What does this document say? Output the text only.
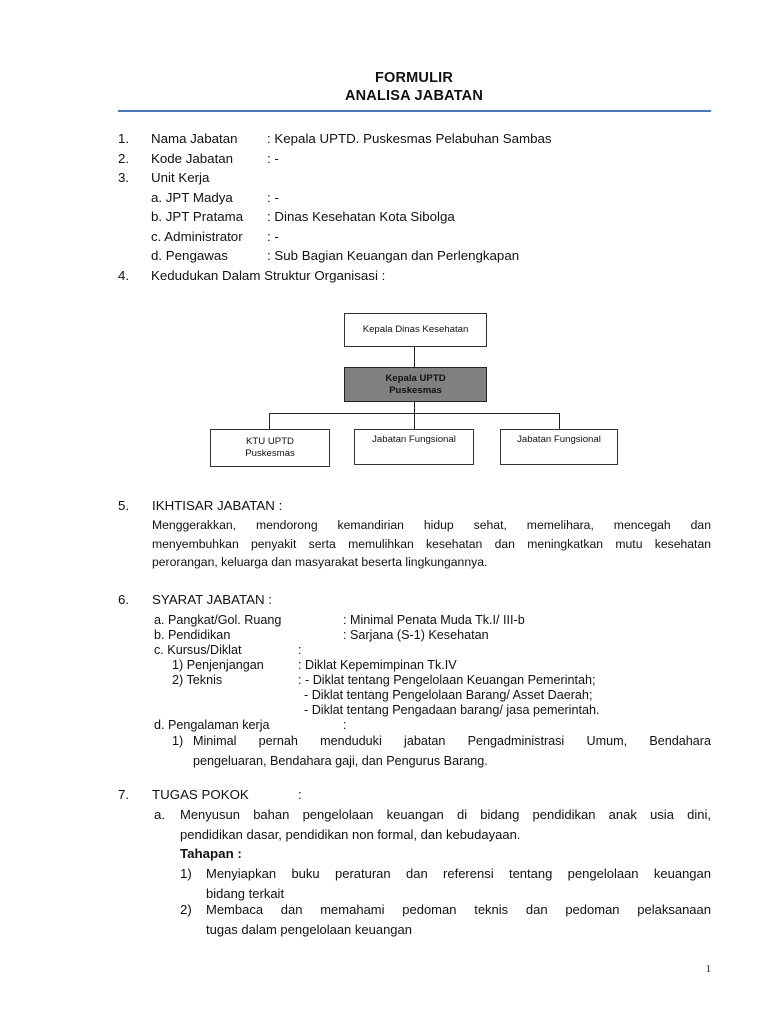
FORMULIR
ANALISA JABATAN
1. Nama Jabatan : Kepala UPTD. Puskesmas Pelabuhan Sambas
2. Kode Jabatan	: -
3. Unit Kerja
a. JPT Madya	: -
b. JPT Pratama : Dinas Kesehatan Kota Sibolga
c. Administrator : -
d. Pengawas	: Sub Bagian Keuangan dan Perlengkapan
4. Kedudukan Dalam Struktur Organisasi :
Kepala Dinas Kesehatan
Kepala UPTD
Puskesmas
KTU UPTD
Puskesmas
Jabatan Fungsional	Jabatan Fungsional
5. IKHTISAR JABATAN :
Menggerakkan, mendorong kemandirian hidup sehat, memelihara, mencegah dan
menyembuhkan penyakit serta memulihkan kesehatan dan meningkatkan mutu kesehatan
perorangan, keluarga dan masyarakat beserta lingkungannya.
6. SYARAT JABATAN :
a. Pangkat/Gol. Ruang	: Minimal Penata Muda Tk.I/ III-b
b. Pendidikan	: Sarjana (S-1) Kesehatan
c. Kursus/Diklat	:
1) Penjenjangan	: Diklat Kepemimpinan Tk.IV
2) Teknis	: - Diklat tentang Pengelolaan Keuangan Pemerintah;
- Diklat tentang Pengelolaan Barang/ Asset Daerah;
- Diklat tentang Pengadaan barang/ jasa pemerintah.
d. Pengalaman kerja	:
1) Minimal pernah menduduki jabatan Pengadministrasi Umum, Bendahara
pengeluaran, Bendahara gaji, dan Pengurus Barang.
7. TUGAS POKOK	:
a. Menyusun bahan pengelolaan keuangan di bidang pendidikan anak usia dini,
pendidikan dasar, pendidikan non formal, dan kebudayaan.
Tahapan :
1) Menyiapkan buku peraturan dan referensi tentang pengelolaan keuangan
bidang terkait
2) Membaca dan memahami pedoman teknis dan pedoman pelaksanaan
tugas dalam pengelolaan keuangan
1
